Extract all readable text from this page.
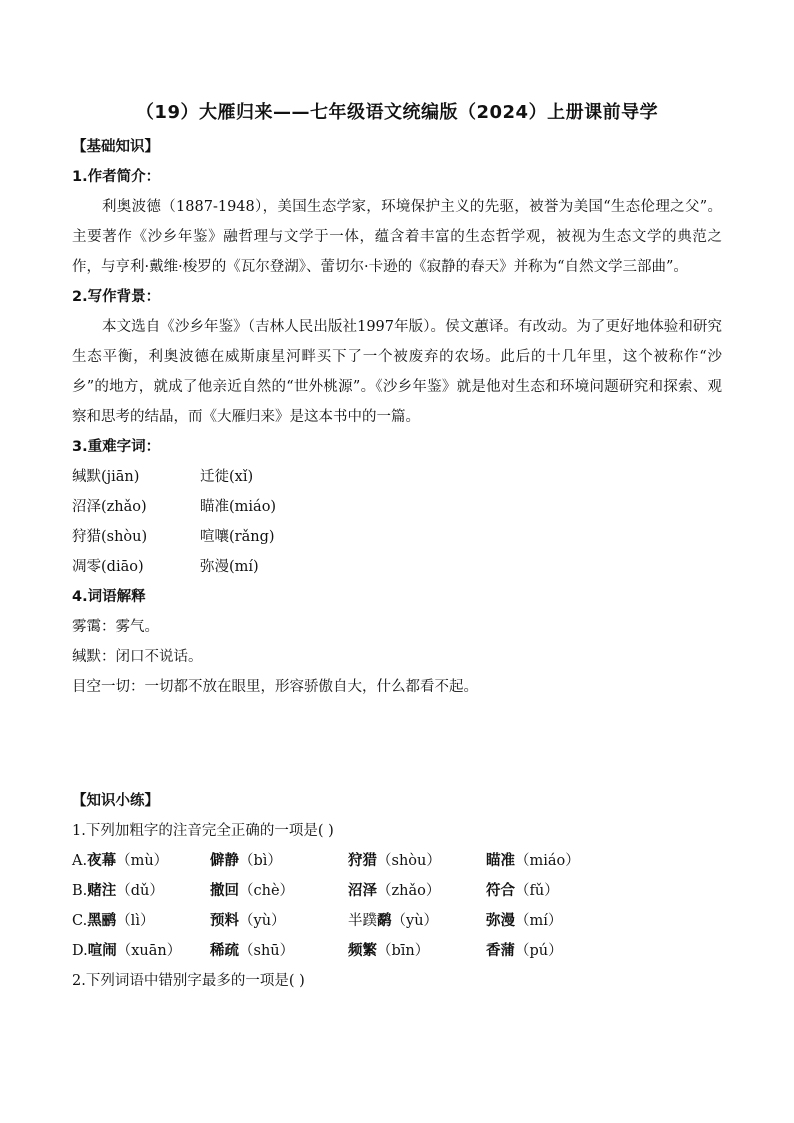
（19）大雁归来——七年级语文统编版（2024）上册课前导学

【基础知识】

1.作者简介：

利奥波德（1887-1948），美国生态学家，环境保护主义的先驱，被誉为美国“生态伦理之父”。主要著作《沙乡年鉴》融哲理与文学于一体，蕴含着丰富的生态哲学观，被视为生态文学的典范之作，与亨利·戴维·梭罗的《瓦尔登湖》、蕾切尔·卡逊的《寂静的春天》并称为“自然文学三部曲”。

2.写作背景：

本文选自《沙乡年鉴》（吉林人民出版社1997年版）。侯文蕙译。有改动。为了更好地体验和研究生态平衡，利奥波德在威斯康星河畔买下了一个被废弃的农场。此后的十几年里，这个被称作“沙乡”的地方，就成了他亲近自然的“世外桃源”。《沙乡年鉴》就是他对生态和环境问题研究和探索、观察和思考的结晶，而《大雁归来》是这本书中的一篇。

3.重难字词：

缄默(jiān)	迁徙(xǐ)
沼泽(zhǎo)	瞄准(miáo)
狩猎(shòu)	喧嚷(rǎng)
凋零(diāo)	弥漫(mí)

4.词语解释

雾霭：雾气。

缄默：闭口不说话。

目空一切：一切都不放在眼里，形容骄傲自大，什么都看不起。

【知识小练】

1.下列加粗字的注音完全正确的一项是( )

A.夜幕（mù）	僻静（bì）	狩猎（shòu）	瞄准（miáo）
B.赌注（dǔ）	撤回（chè）	沼泽（zhǎo）	符合（fǔ）
C.黑鹂（lì）	预料（yù）	半蹼鹬（yù）	弥漫（mí）
D.喧闹（xuān）	稀疏（shū）	频繁（bīn）	香蒲（pú）

2.下列词语中错别字最多的一项是( )
